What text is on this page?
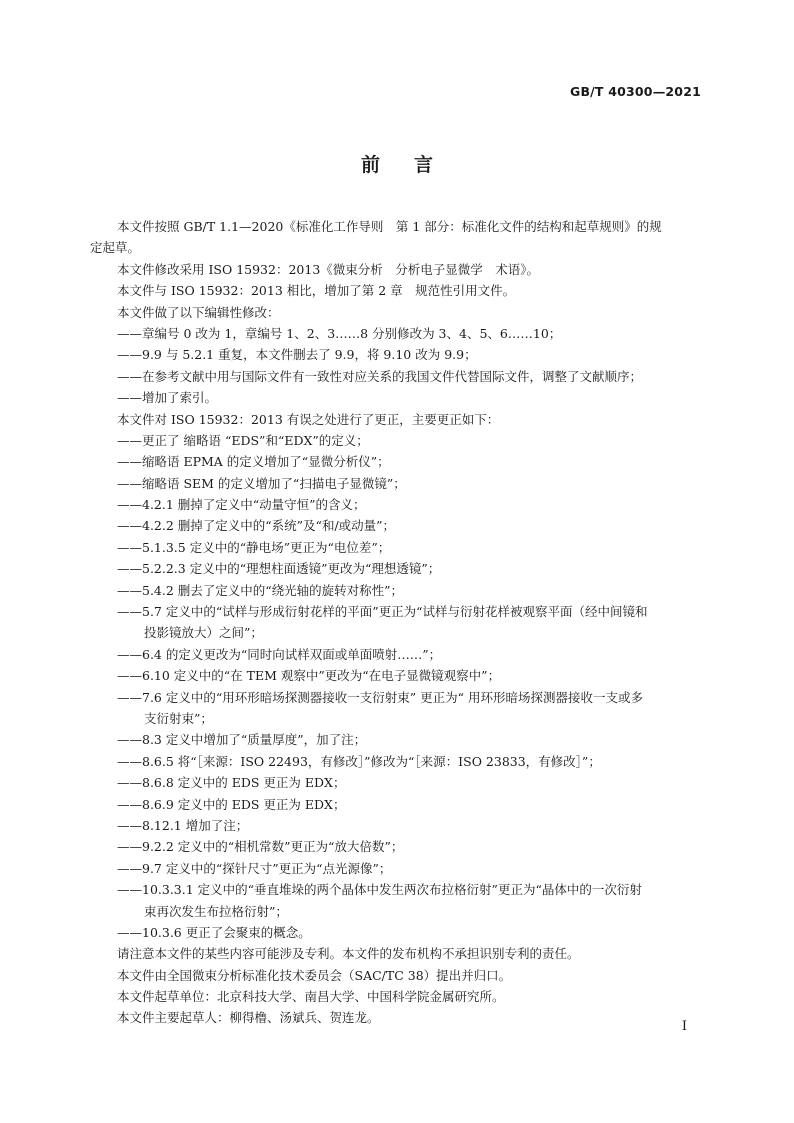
GB/T 40300—2021
前言
本文件按照 GB/T 1.1—2020《标准化工作导则　第 1 部分：标准化文件的结构和起草规则》的规
定起草。
本文件修改采用 ISO 15932：2013《微束分析　分析电子显微学　术语》。
本文件与 ISO 15932：2013 相比，增加了第 2 章　规范性引用文件。
本文件做了以下编辑性修改：
——章编号 0 改为 1，章编号 1、2、3……8 分别修改为 3、4、5、6……10；
——9.9 与 5.2.1 重复，本文件删去了 9.9，将 9.10 改为 9.9；
——在参考文献中用与国际文件有一致性对应关系的我国文件代替国际文件，调整了文献顺序；
——增加了索引。
本文件对 ISO 15932：2013 有误之处进行了更正，主要更正如下：
——更正了 缩略语 “EDS”和“EDX”的定义；
——缩略语 EPMA 的定义增加了“显微分析仪”；
——缩略语 SEM 的定义增加了“扫描电子显微镜”；
——4.2.1 删掉了定义中“动量守恒”的含义；
——4.2.2 删掉了定义中的“系统”及“和/或动量”；
——5.1.3.5 定义中的“静电场”更正为“电位差”；
——5.2.2.3 定义中的“理想柱面透镜”更改为“理想透镜”；
——5.4.2 删去了定义中的“绕光轴的旋转对称性”；
——5.7 定义中的“试样与形成衍射花样的平面”更正为“试样与衍射花样被观察平面（经中间镜和
投影镜放大）之间”；
——6.4 的定义更改为“同时向试样双面或单面喷射……”；
——6.10 定义中的“在 TEM 观察中”更改为“在电子显微镜观察中”；
——7.6 定义中的“用环形暗场探测器接收一支衍射束” 更正为“ 用环形暗场探测器接收一支或多
支衍射束”；
——8.3 定义中增加了“质量厚度”，加了注；
——8.6.5 将“［来源：ISO 22493，有修改］”修改为“［来源：ISO 23833，有修改］”；
——8.6.8 定义中的 EDS 更正为 EDX；
——8.6.9 定义中的 EDS 更正为 EDX；
——8.12.1 增加了注；
——9.2.2 定义中的“相机常数”更正为“放大倍数”；
——9.7 定义中的“探针尺寸”更正为“点光源像”；
——10.3.3.1 定义中的“垂直堆垛的两个晶体中发生两次布拉格衍射”更正为“晶体中的一次衍射
束再次发生布拉格衍射”；
——10.3.6 更正了会聚束的概念。
请注意本文件的某些内容可能涉及专利。本文件的发布机构不承担识别专利的责任。
本文件由全国微束分析标准化技术委员会（SAC/TC 38）提出并归口。
本文件起草单位：北京科技大学、南昌大学、中国科学院金属研究所。
本文件主要起草人：柳得橹、汤斌兵、贺连龙。
I
